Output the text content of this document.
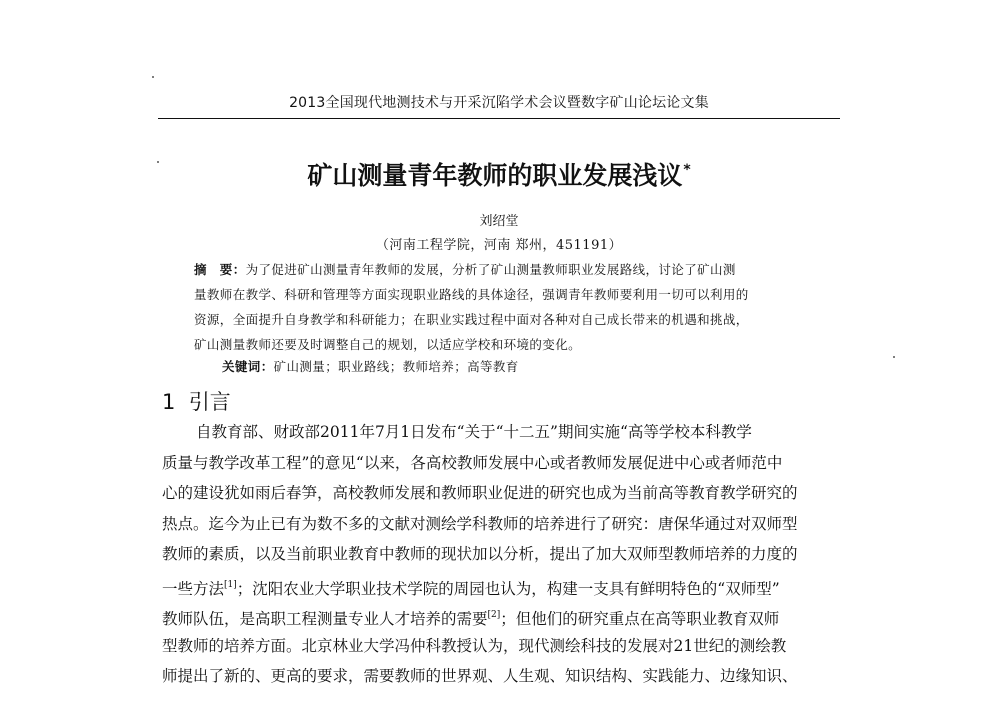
2013全国现代地测技术与开采沉陷学术会议暨数字矿山论坛论文集
矿山测量青年教师的职业发展浅议*
刘绍堂
（河南工程学院，河南 郑州，451191）
摘　要：为了促进矿山测量青年教师的发展，分析了矿山测量教师职业发展路线，讨论了矿山测
量教师在教学、科研和管理等方面实现职业路线的具体途径，强调青年教师要利用一切可以利用的
资源，全面提升自身教学和科研能力；在职业实践过程中面对各种对自己成长带来的机遇和挑战，
矿山测量教师还要及时调整自己的规划，以适应学校和环境的变化。
关键词：矿山测量；职业路线；教师培养；高等教育
1 引言
自教育部、财政部2011年7月1日发布“关于“十二五”期间实施“高等学校本科教学
质量与教学改革工程”的意见“以来，各高校教师发展中心或者教师发展促进中心或者师范中
心的建设犹如雨后春笋，高校教师发展和教师职业促进的研究也成为当前高等教育教学研究的
热点。迄今为止已有为数不多的文献对测绘学科教师的培养进行了研究：唐保华通过对双师型
教师的素质，以及当前职业教育中教师的现状加以分析，提出了加大双师型教师培养的力度的
一些方法[1]；沈阳农业大学职业技术学院的周园也认为，构建一支具有鲜明特色的“双师型”
教师队伍，是高职工程测量专业人才培养的需要[2]；但他们的研究重点在高等职业教育双师
型教师的培养方面。北京林业大学冯仲科教授认为，现代测绘科技的发展对21世纪的测绘教
师提出了新的、更高的要求，需要教师的世界观、人生观、知识结构、实践能力、边缘知识、
